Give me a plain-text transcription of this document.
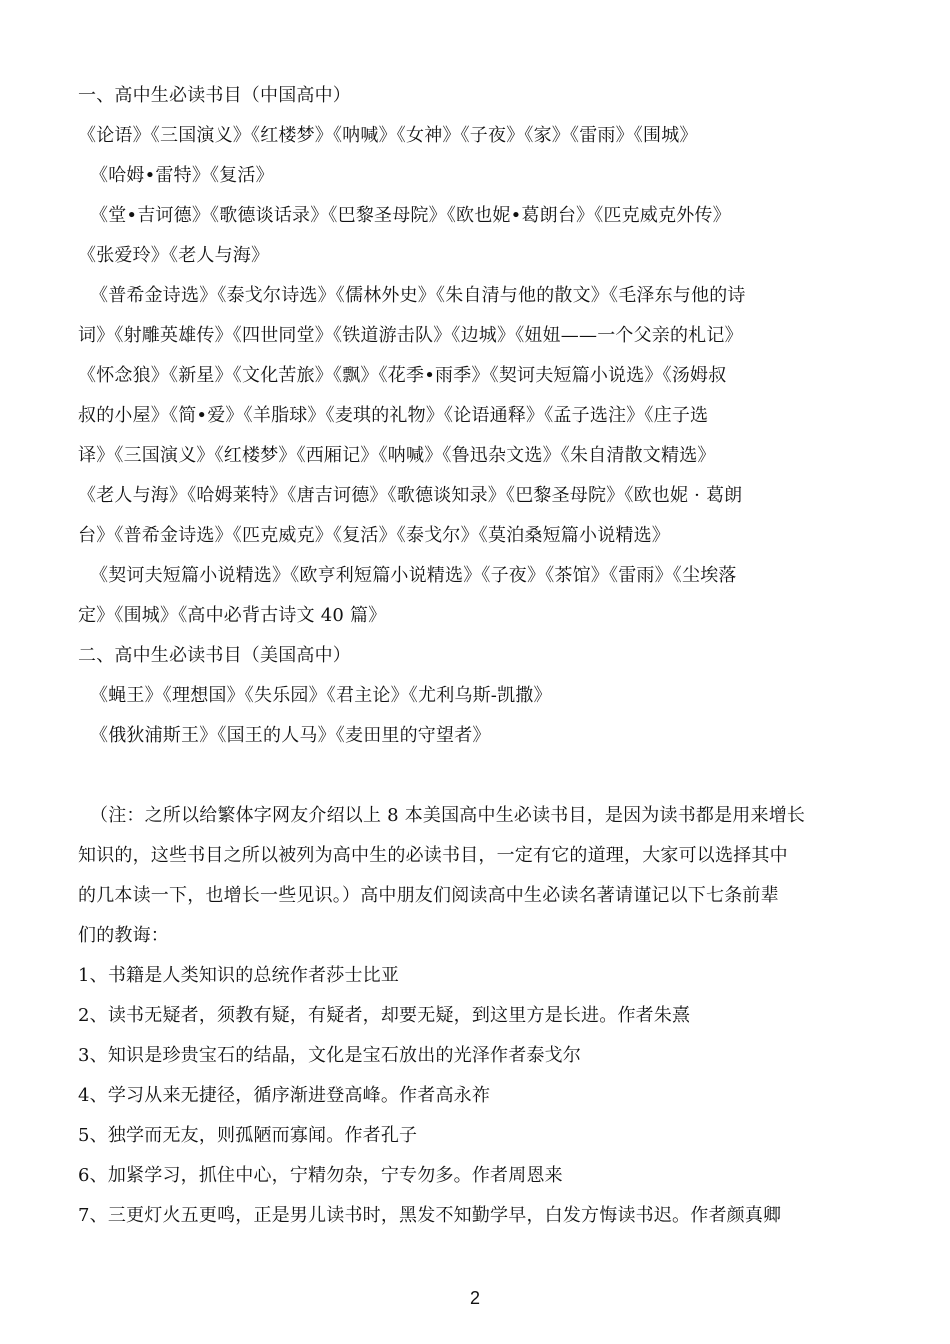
一、高中生必读书目（中国高中）
《论语》《三国演义》《红楼梦》《呐喊》《女神》《子夜》《家》《雷雨》《围城》
《哈姆•雷特》《复活》
《堂•吉诃德》《歌德谈话录》《巴黎圣母院》《欧也妮•葛朗台》《匹克威克外传》
《张爱玲》《老人与海》
《普希金诗选》《泰戈尔诗选》《儒林外史》《朱自清与他的散文》《毛泽东与他的诗
词》《射雕英雄传》《四世同堂》《铁道游击队》《边城》《妞妞——一个父亲的札记》
《怀念狼》《新星》《文化苦旅》《飘》《花季•雨季》《契诃夫短篇小说选》《汤姆叔
叔的小屋》《简•爱》《羊脂球》《麦琪的礼物》《论语通释》《孟子选注》《庄子选
译》《三国演义》《红楼梦》《西厢记》《呐喊》《鲁迅杂文选》《朱自清散文精选》
《老人与海》《哈姆莱特》《唐吉诃德》《歌德谈知录》《巴黎圣母院》《欧也妮 · 葛朗
台》《普希金诗选》《匹克威克》《复活》《泰戈尔》《莫泊桑短篇小说精选》
《契诃夫短篇小说精选》《欧亨利短篇小说精选》《子夜》《茶馆》《雷雨》《尘埃落
定》《围城》《高中必背古诗文 40 篇》
二、高中生必读书目（美国高中）
《蝇王》《理想国》《失乐园》《君主论》《尤利乌斯-凯撒》
《俄狄浦斯王》《国王的人马》《麦田里的守望者》
（注：之所以给繁体字网友介绍以上 8 本美国高中生必读书目，是因为读书都是用来增长
知识的，这些书目之所以被列为高中生的必读书目，一定有它的道理，大家可以选择其中
的几本读一下，也增长一些见识。）高中朋友们阅读高中生必读名著请谨记以下七条前辈
们的教诲：
1、书籍是人类知识的总统作者莎士比亚
2、读书无疑者，须教有疑，有疑者，却要无疑，到这里方是长进。作者朱熹
3、知识是珍贵宝石的结晶，文化是宝石放出的光泽作者泰戈尔
4、学习从来无捷径，循序渐进登高峰。作者高永祚
5、独学而无友，则孤陋而寡闻。作者孔子
6、加紧学习，抓住中心，宁精勿杂，宁专勿多。作者周恩来
7、三更灯火五更鸣，正是男儿读书时，黑发不知勤学早，白发方悔读书迟。作者颜真卿
2
